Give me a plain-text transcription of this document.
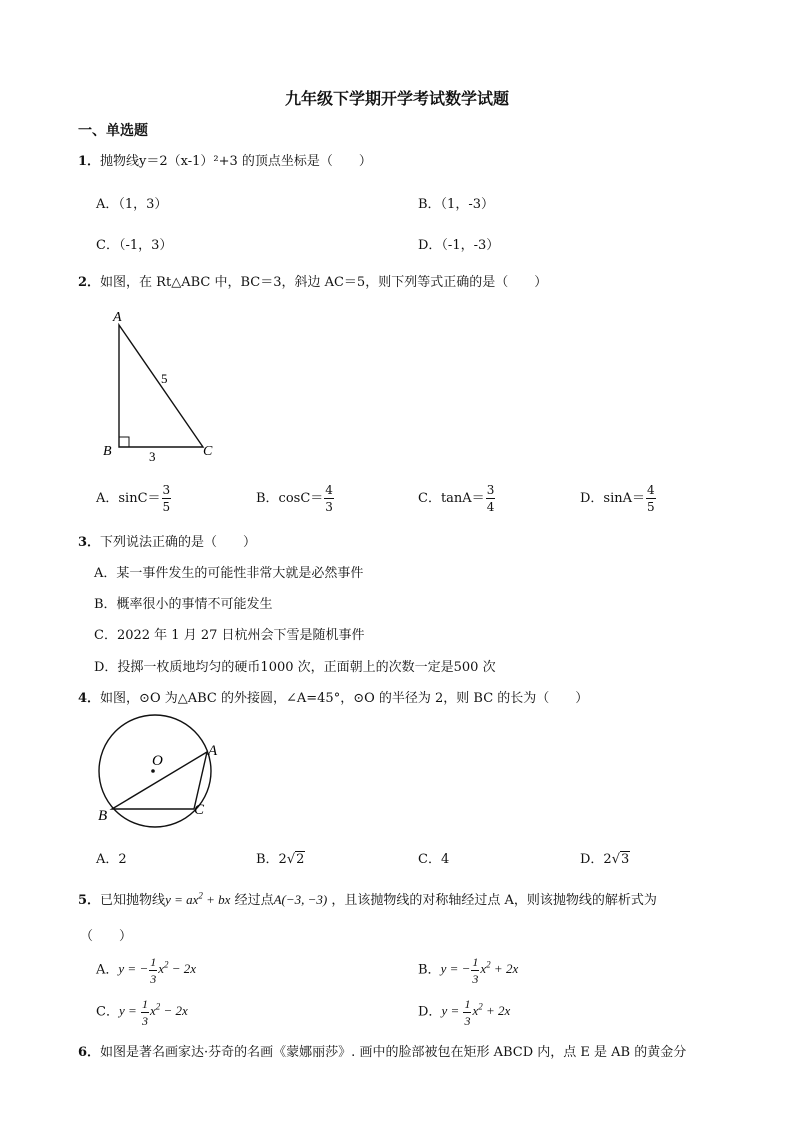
九年级下学期开学考试数学试题
一、单选题
1．抛物线y＝2（x-1）²+3 的顶点坐标是（　　）
A．（1，3）	B．（1，-3）
C．（-1，3）	D．（-1，-3）
2．如图，在 Rt△ABC 中，BC＝3，斜边 AC＝5，则下列等式正确的是（　　）
A
B	C
5
3
A．$\sin C= \frac{3}{5}$	B．$\cos C= \frac{4}{3}$	C．$\tan A= \frac{3}{4}$	D．$\sin A= \frac{4}{5}$
3．下列说法正确的是（　　）
A．某一事件发生的可能性非常大就是必然事件
B．概率很小的事情不可能发生
C．2022 年 1 月 27 日杭州会下雪是随机事件
D．投掷一枚质地均匀的硬币1000 次，正面朝上的次数一定是500 次
4．如图，⊙O 为△ABC 的外接圆，∠A=45°，⊙O 的半径为 2，则 BC 的长为（　　）
O
A
B	C
A．2	B．2√2	C．4	D．2√3
5．已知抛物线$y = ax^2$ + bx 经过点A(−3, −3) ，且该抛物线的对称轴经过点 A，则该抛物线的解析式为
（　　）
A．y = − $\frac{1}{3} x^2 - 2x$	B．y = − $\frac{1}{3} x^2 + 2x$
C．$y = \frac{1}{3} x^2 - 2x$	D．$y = \frac{1}{3} x^2 + 2x$
6．如图是著名画家达·芬奇的名画《蒙娜丽莎》. 画中的脸部被包在矩形 ABCD 内，点 E 是 AB 的黄金分
